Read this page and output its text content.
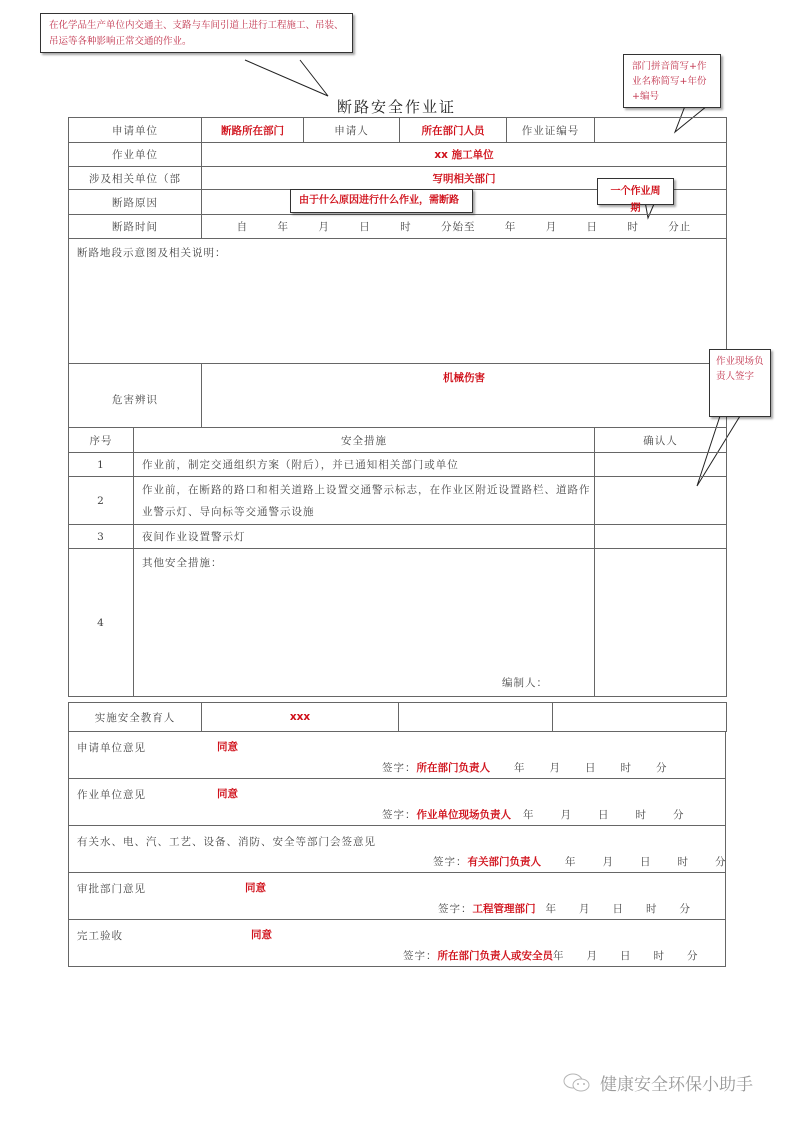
在化学品生产单位内交通主、支路与车间引道上进行工程施工、吊装、吊运等各种影响正常交通的作业。
部门拼音简写+作业名称简写+年份+编号
断路安全作业证
申请单位		断路所在部门	申请人	所在部门人员	作业证编号	
作业单位		xx 施工单位				
涉及相关单位（部		写明相关部门				
断路原因						
断路时间	自	年	月	日	时	分始至	年	月	日	时	分止

断路地段示意图及相关说明：						
危害辨识		机械伤害				
序号	安全措施					确认人
1	作业前，制定交通组织方案（附后），并已通知相关部门或单位					
2	作业前，在断路的路口和相关道路上设置交通警示标志，在作业区附近设置路栏、道路作业警示灯、导向标等交通警示设施					
3	夜间作业设置警示灯					
4	其他安全措施：
编制人：					

实施安全教育人	xxx		
申请单位意见	同意
签字： 所在部门负责人 年 月 日 时 分

作业单位意见	同意
签字： 作业单位现场负责人 年 月 日 时 分

有关水、电、汽、工艺、设备、消防、安全等部门会签意见
签字： 有关部门负责人 年 月 日 时 分

审批部门意见	同意
签字： 工程管理部门 年 月 日 时 分

完工验收	同意
签字： 所在部门负责人或安全员 年 月 日 时 分
由于什么原因进行什么作业，需断路
一个作业周期
作业现场负责人签字
健康安全环保小助手
